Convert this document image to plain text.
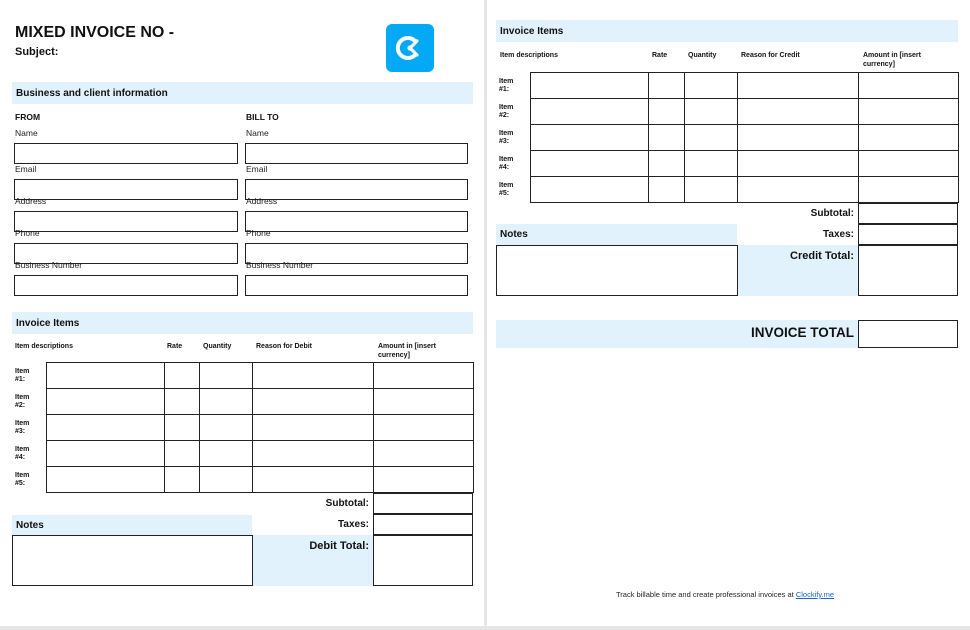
MIXED INVOICE NO -
Subject:
Business and client information
FROM	BILL TO
Name
Email
Address
Phone
Business Number
Name
Email
Address
Phone
Business Number
Invoice Items
Item descriptions	Rate	Quantity	Reason for Debit	Amount in [insert currency]
Item
#1:					

Item
#2:					

Item
#3:					

Item
#4:					

Item
#5:					

Subtotal:
Taxes:
Notes
Debit Total:
Invoice Items
Item descriptions	Rate	Quantity	Reason for Credit	Amount in [insert currency]
Item
#1:					

Item
#2:					

Item
#3:					

Item
#4:					

Item
#5:					

Subtotal:
Taxes:
Notes
Credit Total:
INVOICE TOTAL
Track billable time and create professional invoices at Clockify.me
